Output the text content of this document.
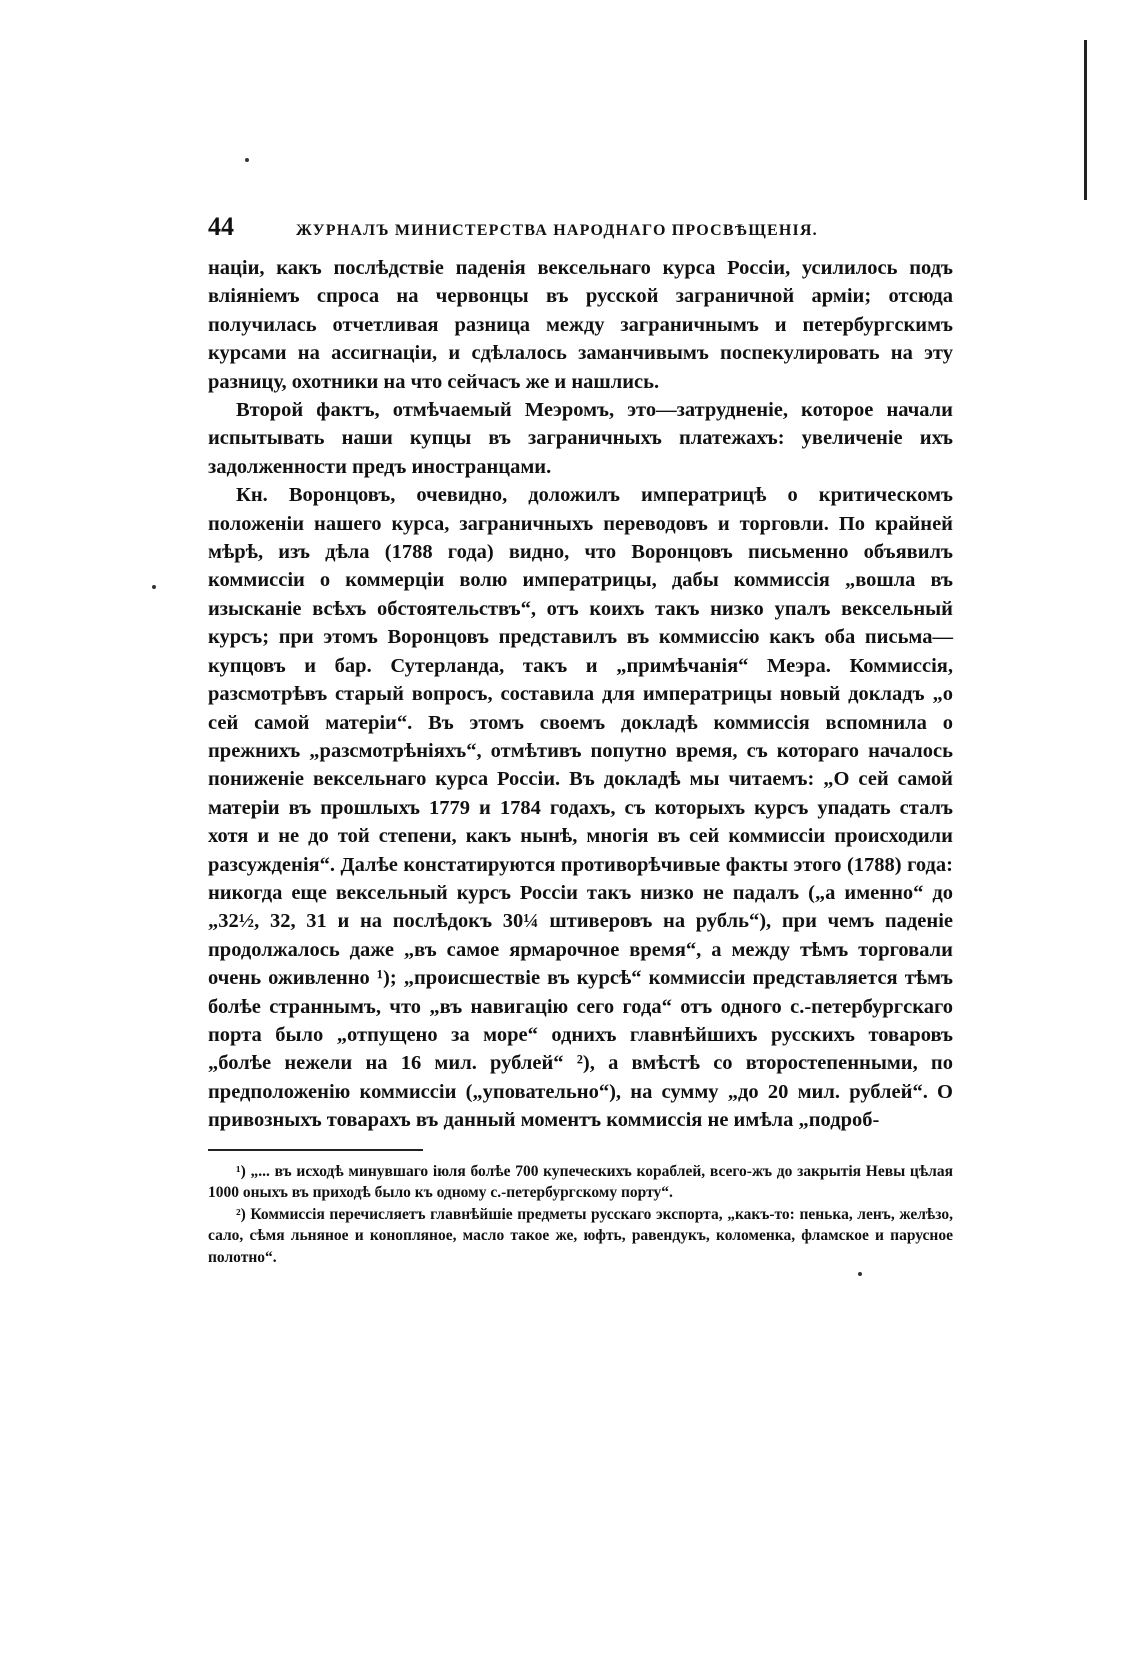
44	ЖУРНАЛЪ МИНИСТЕРСТВА НАРОДНАГО ПРОСВѢЩЕНІЯ.

націи, какъ послѣдствіе паденія вексельнаго курса Россіи, усилилось подъ вліяніемъ спроса на червонцы въ русской заграничной арміи; отсюда получилась отчетливая разница между заграничнымъ и петербургскимъ курсами на ассигнаціи, и сдѣлалось заманчивымъ поспекулировать на эту разницу, охотники на что сейчасъ же и нашлись.

Второй фактъ, отмѣчаемый Меэромъ, это—затрудненіе, которое начали испытывать наши купцы въ заграничныхъ платежахъ: увеличеніе ихъ задолженности предъ иностранцами.

Кн. Воронцовъ, очевидно, доложилъ императрицѣ о критическомъ положеніи нашего курса, заграничныхъ переводовъ и торговли. По крайней мѣрѣ, изъ дѣла (1788 года) видно, что Воронцовъ письменно объявилъ коммиссіи о коммерціи волю императрицы, дабы коммиссія „вошла въ изысканіе всѣхъ обстоятельствъ“, отъ коихъ такъ низко упалъ вексельный курсъ; при этомъ Воронцовъ представилъ въ коммиссію какъ оба письма—купцовъ и бар. Сутерланда, такъ и „примѣчанія“ Меэра. Коммиссія, разсмотрѣвъ старый вопросъ, составила для императрицы новый докладъ „о сей самой матеріи“. Въ этомъ своемъ докладѣ коммиссія вспомнила о прежнихъ „разсмотрѣніяхъ“, отмѣтивъ попутно время, съ котораго началось пониженіе вексельнаго курса Россіи. Въ докладѣ мы читаемъ: „О сей самой матеріи въ прошлыхъ 1779 и 1784 годахъ, съ которыхъ курсъ упадать сталъ хотя и не до той степени, какъ нынѣ, многія въ сей коммиссіи происходили разсужденія“. Далѣе констатируются противорѣчивые факты этого (1788) года: никогда еще вексельный курсъ Россіи такъ низко не падалъ („а именно“ до „32½, 32, 31 и на послѣдокъ 30¼ штиверовъ на рубль“), при чемъ паденіе продолжалось даже „въ самое ярмарочное время“, а между тѣмъ торговали очень оживленно ¹); „происшествіе въ курсѣ“ коммиссіи представляется тѣмъ болѣе страннымъ, что „въ навигацію сего года“ отъ одного с.-петербургскаго порта было „отпущено за море“ однихъ главнѣйшихъ русскихъ товаровъ „болѣе нежели на 16 мил. рублей“ ²), а вмѣстѣ со второстепенными, по предположенію коммиссіи („уповательно“), на сумму „до 20 мил. рублей“. О привозныхъ товарахъ въ данный моментъ коммиссія не имѣла „подроб-

¹) „... въ исходѣ минувшаго іюля болѣе 700 купеческихъ кораблей, всего-жъ до закрытія Невы цѣлая 1000 оныхъ въ приходѣ было къ одному с.-петербургскому порту“.

²) Коммиссія перечисляетъ главнѣйшіе предметы русскаго экспорта, „какъ-то: пенька, ленъ, желѣзо, сало, сѣмя льняное и конопляное, масло такое же, юфть, равендукъ, коломенка, фламское и парусное полотно“.
